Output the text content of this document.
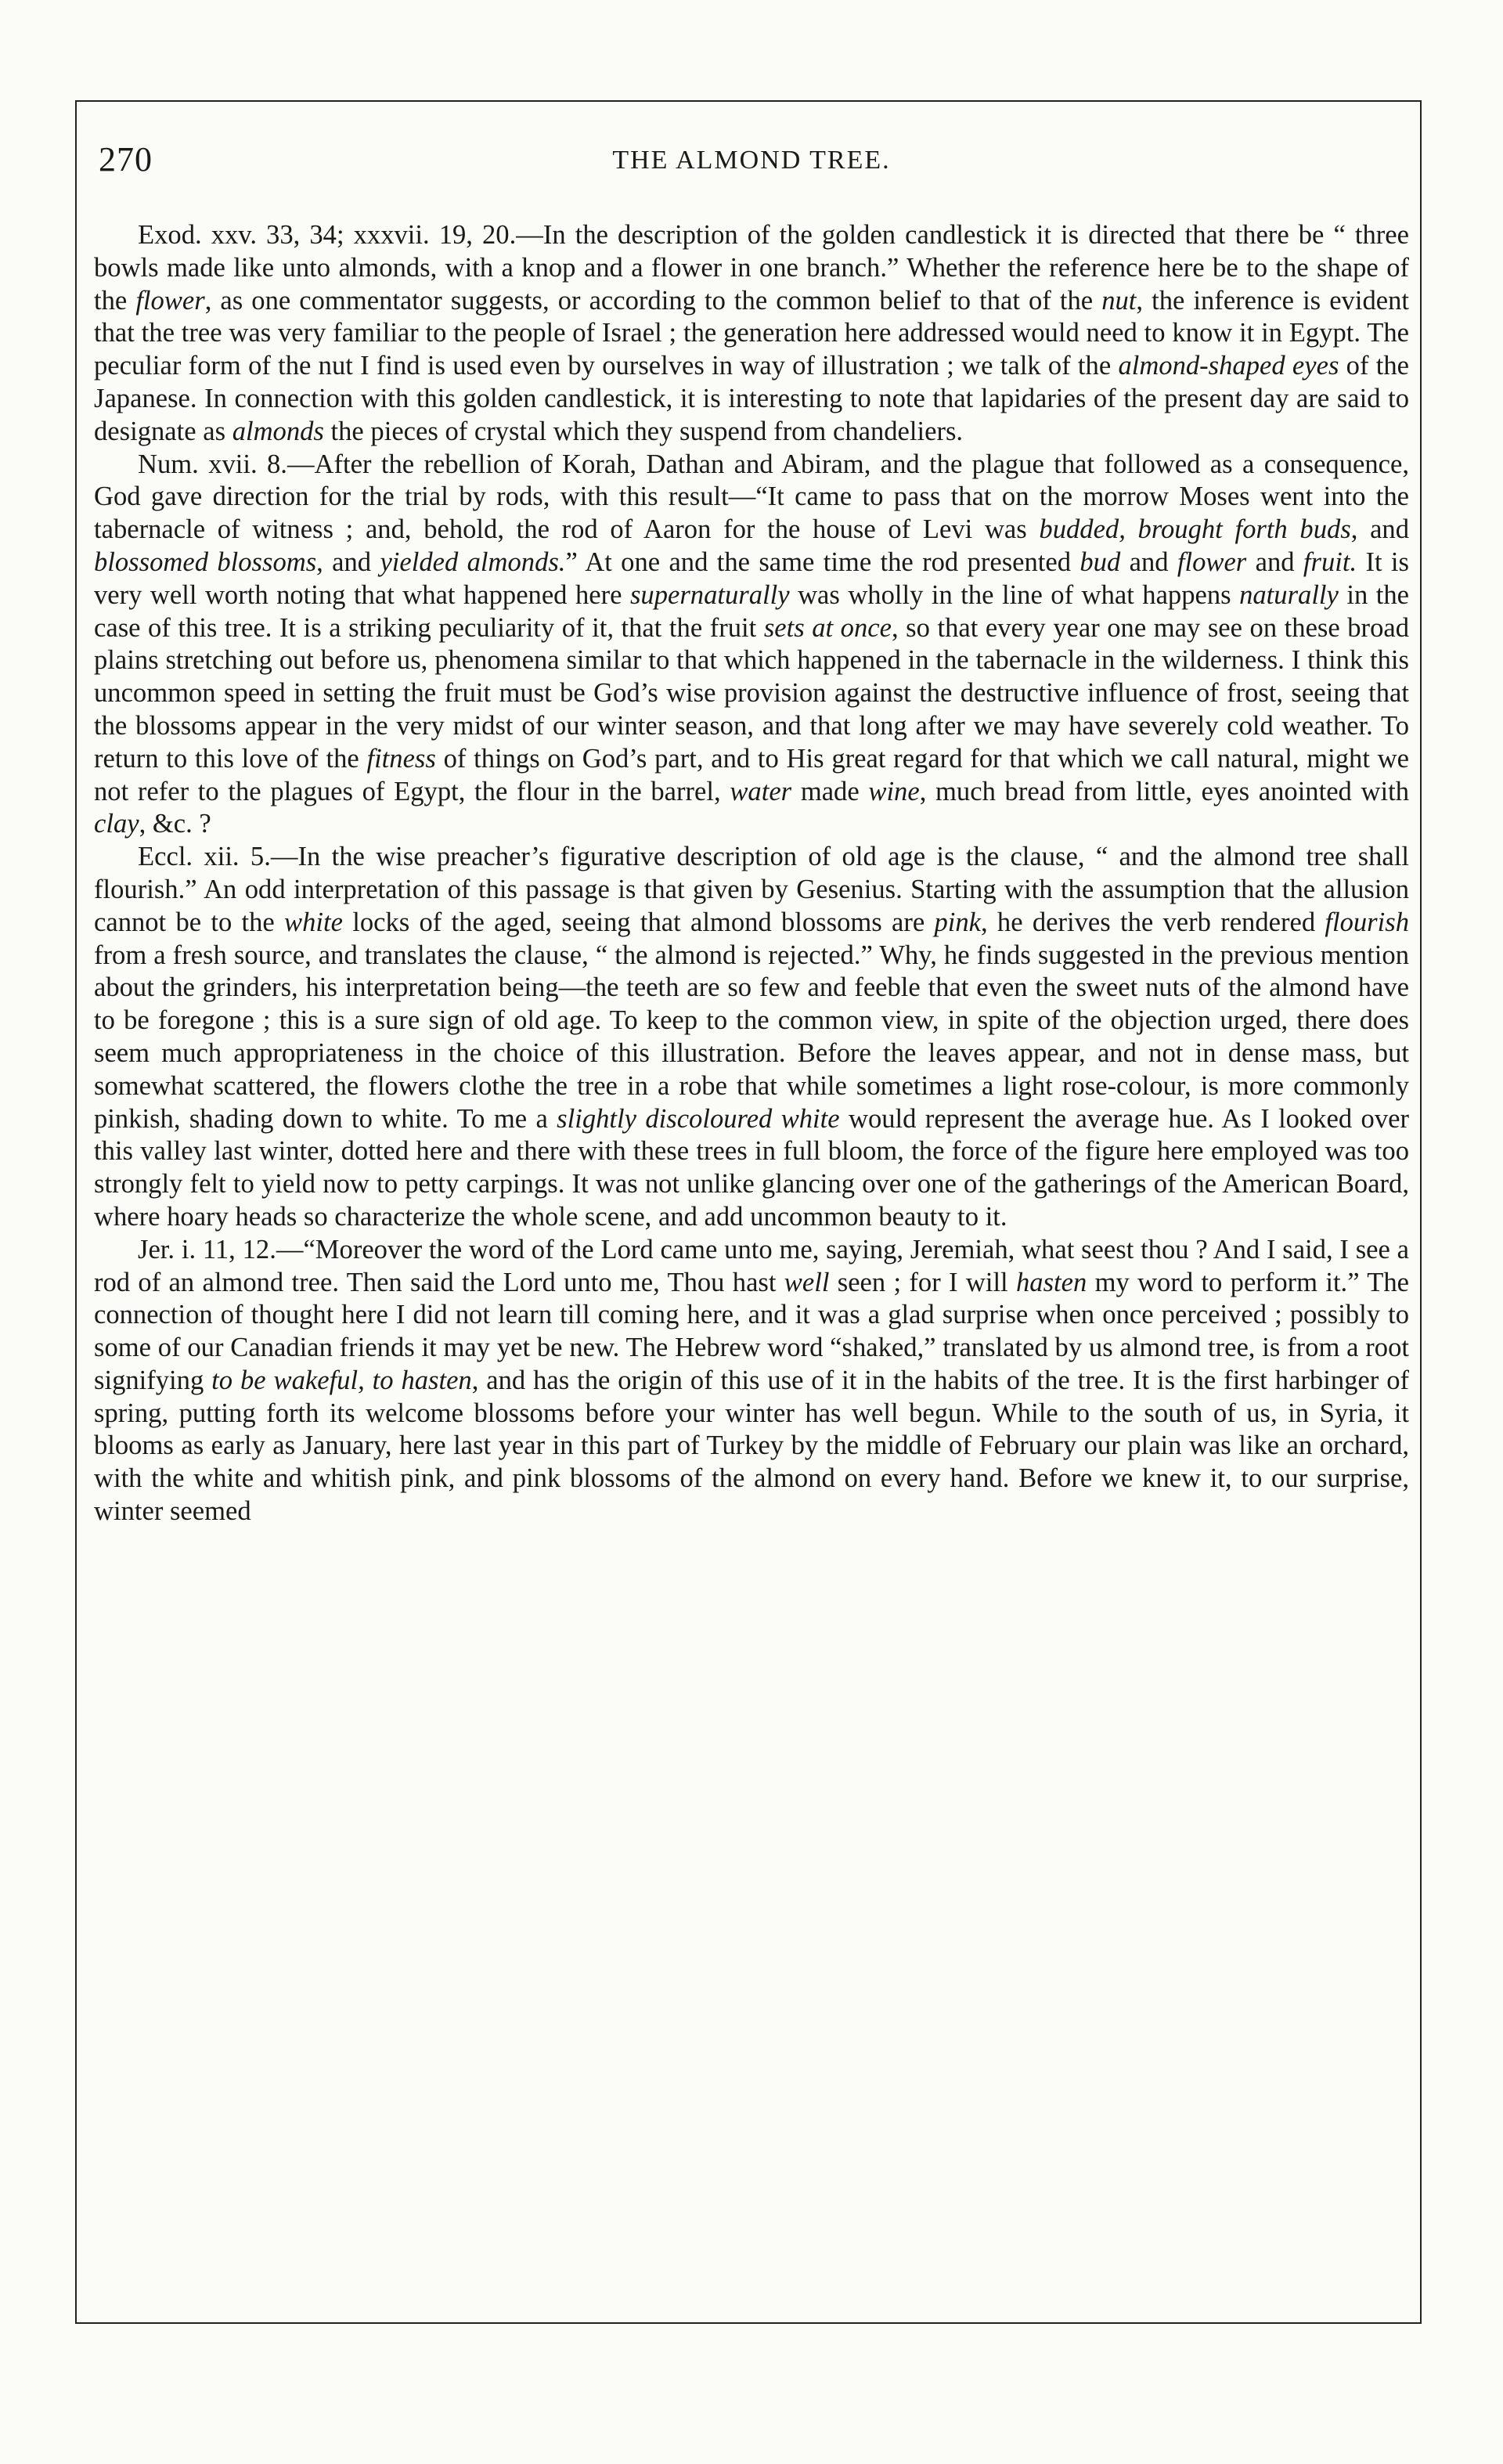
270	THE ALMOND TREE.

Exod. xxv. 33, 34; xxxvii. 19, 20.—In the description of the golden candlestick it is directed that there be “ three bowls made like unto almonds, with a knop and a flower in one branch.” Whether the reference here be to the shape of the flower, as one commentator suggests, or according to the common belief to that of the nut, the inference is evident that the tree was very familiar to the people of Israel ; the generation here addressed would need to know it in Egypt. The peculiar form of the nut I find is used even by ourselves in way of illustration ; we talk of the almond-shaped eyes of the Japanese. In connection with this golden candlestick, it is interesting to note that lapidaries of the present day are said to designate as almonds the pieces of crystal which they suspend from chandeliers.

Num. xvii. 8.—After the rebellion of Korah, Dathan and Abiram, and the plague that followed as a consequence, God gave direction for the trial by rods, with this result—“It came to pass that on the morrow Moses went into the tabernacle of witness ; and, behold, the rod of Aaron for the house of Levi was budded, brought forth buds, and blossomed blossoms, and yielded almonds.” At one and the same time the rod presented bud and flower and fruit. It is very well worth noting that what happened here supernaturally was wholly in the line of what happens naturally in the case of this tree. It is a striking peculiarity of it, that the fruit sets at once, so that every year one may see on these broad plains stretching out before us, phenomena similar to that which happened in the tabernacle in the wilderness. I think this uncommon speed in setting the fruit must be God’s wise provision against the destructive influence of frost, seeing that the blossoms appear in the very midst of our winter season, and that long after we may have severely cold weather. To return to this love of the fitness of things on God’s part, and to His great regard for that which we call natural, might we not refer to the plagues of Egypt, the flour in the barrel, water made wine, much bread from little, eyes anointed with clay, &c. ?

Eccl. xii. 5.—In the wise preacher’s figurative description of old age is the clause, “ and the almond tree shall flourish.” An odd interpretation of this passage is that given by Gesenius. Starting with the assumption that the allusion cannot be to the white locks of the aged, seeing that almond blossoms are pink, he derives the verb rendered flourish from a fresh source, and translates the clause, “ the almond is rejected.” Why, he finds suggested in the previous mention about the grinders, his interpretation being—the teeth are so few and feeble that even the sweet nuts of the almond have to be foregone ; this is a sure sign of old age. To keep to the common view, in spite of the objection urged, there does seem much appropriateness in the choice of this illustration. Before the leaves appear, and not in dense mass, but somewhat scattered, the flowers clothe the tree in a robe that while sometimes a light rose-colour, is more commonly pinkish, shading down to white. To me a slightly discoloured white would represent the average hue. As I looked over this valley last winter, dotted here and there with these trees in full bloom, the force of the figure here employed was too strongly felt to yield now to petty carpings. It was not unlike glancing over one of the gatherings of the American Board, where hoary heads so characterize the whole scene, and add uncommon beauty to it.

Jer. i. 11, 12.—“Moreover the word of the Lord came unto me, saying, Jeremiah, what seest thou ? And I said, I see a rod of an almond tree. Then said the Lord unto me, Thou hast well seen ; for I will hasten my word to perform it.” The connection of thought here I did not learn till coming here, and it was a glad surprise when once perceived ; possibly to some of our Canadian friends it may yet be new. The Hebrew word “shaked,” translated by us almond tree, is from a root signifying to be wakeful, to hasten, and has the origin of this use of it in the habits of the tree. It is the first harbinger of spring, putting forth its welcome blossoms before your winter has well begun. While to the south of us, in Syria, it blooms as early as January, here last year in this part of Turkey by the middle of February our plain was like an orchard, with the white and whitish pink, and pink blossoms of the almond on every hand. Before we knew it, to our surprise, winter seemed
